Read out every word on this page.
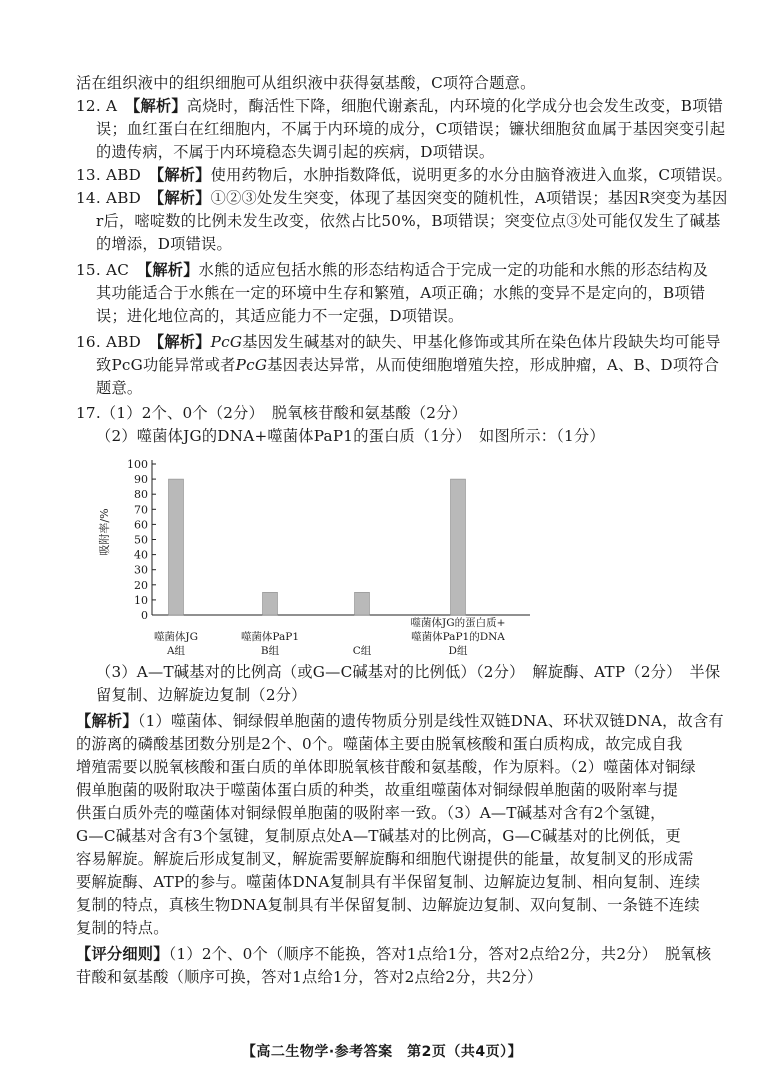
活在组织液中的组织细胞可从组织液中获得氨基酸，C项符合题意。
12. A　 【解析】高烧时，酶活性下降，细胞代谢紊乱，内环境的化学成分也会发生改变，B项错
误；血红蛋白在红细胞内，不属于内环境的成分，C项错误；镰状细胞贫血属于基因突变引起
的遗传病，不属于内环境稳态失调引起的疾病，D项错误。
13. ABD　 【解析】使用药物后，水肿指数降低，说明更多的水分由脑脊液进入血浆，C项错误。
14. ABD　 【解析】①②③处发生突变，体现了基因突变的随机性，A项错误；基因R突变为基因
r后，嘧啶数的比例未发生改变，依然占比50%，B项错误；突变位点③处可能仅发生了碱基
的增添，D项错误。
15. AC　 【解析】水熊的适应包括水熊的形态结构适合于完成一定的功能和水熊的形态结构及
其功能适合于水熊在一定的环境中生存和繁殖，A项正确；水熊的变异不是定向的，B项错
误；进化地位高的，其适应能力不一定强，D项错误。
16. ABD　 【解析】PcG基因发生碱基对的缺失、甲基化修饰或其所在染色体片段缺失均可能导
致PcG功能异常或者PcG基因表达异常，从而使细胞增殖失控，形成肿瘤，A、B、D项符合
题意。
17.（1）2个、0个（2分）　脱氧核苷酸和氨基酸（2分）
（2）噬菌体JG的DNA+噬菌体PaP1的蛋白质（1分）　如图所示：（1分）
0
10
20
30
40
50
60
70
80
90
100
噬菌体JG
A组
噬菌体PaP1
B组	C组
噬菌体JG的蛋白质+
噬菌体PaP1的DNA
D组
吸附率/%
（3）A—T碱基对的比例高（或G—C碱基对的比例低）（2分）　解旋酶、ATP（2分）　半保
留复制、边解旋边复制（2分）
【解析】（1）噬菌体、铜绿假单胞菌的遗传物质分别是线性双链DNA、环状双链DNA，故含有
的游离的磷酸基团数分别是2个、0个。噬菌体主要由脱氧核酸和蛋白质构成，故完成自我
增殖需要以脱氧核酸和蛋白质的单体即脱氧核苷酸和氨基酸，作为原料。（2）噬菌体对铜绿
假单胞菌的吸附取决于噬菌体蛋白质的种类，故重组噬菌体对铜绿假单胞菌的吸附率与提
供蛋白质外壳的噬菌体对铜绿假单胞菌的吸附率一致。（3）A—T碱基对含有2个氢键，
G—C碱基对含有3个氢键，复制原点处A—T碱基对的比例高，G—C碱基对的比例低，更
容易解旋。解旋后形成复制叉，解旋需要解旋酶和细胞代谢提供的能量，故复制叉的形成需
要解旋酶、ATP的参与。噬菌体DNA复制具有半保留复制、边解旋边复制、相向复制、连续
复制的特点，真核生物DNA复制具有半保留复制、边解旋边复制、双向复制、一条链不连续
复制的特点。
【评分细则】（1）2个、0个（顺序不能换，答对1点给1分，答对2点给2分，共2分）　脱氧核
苷酸和氨基酸（顺序可换，答对1点给1分，答对2点给2分，共2分）
【高二生物学·参考答案　第2页（共4页）】
